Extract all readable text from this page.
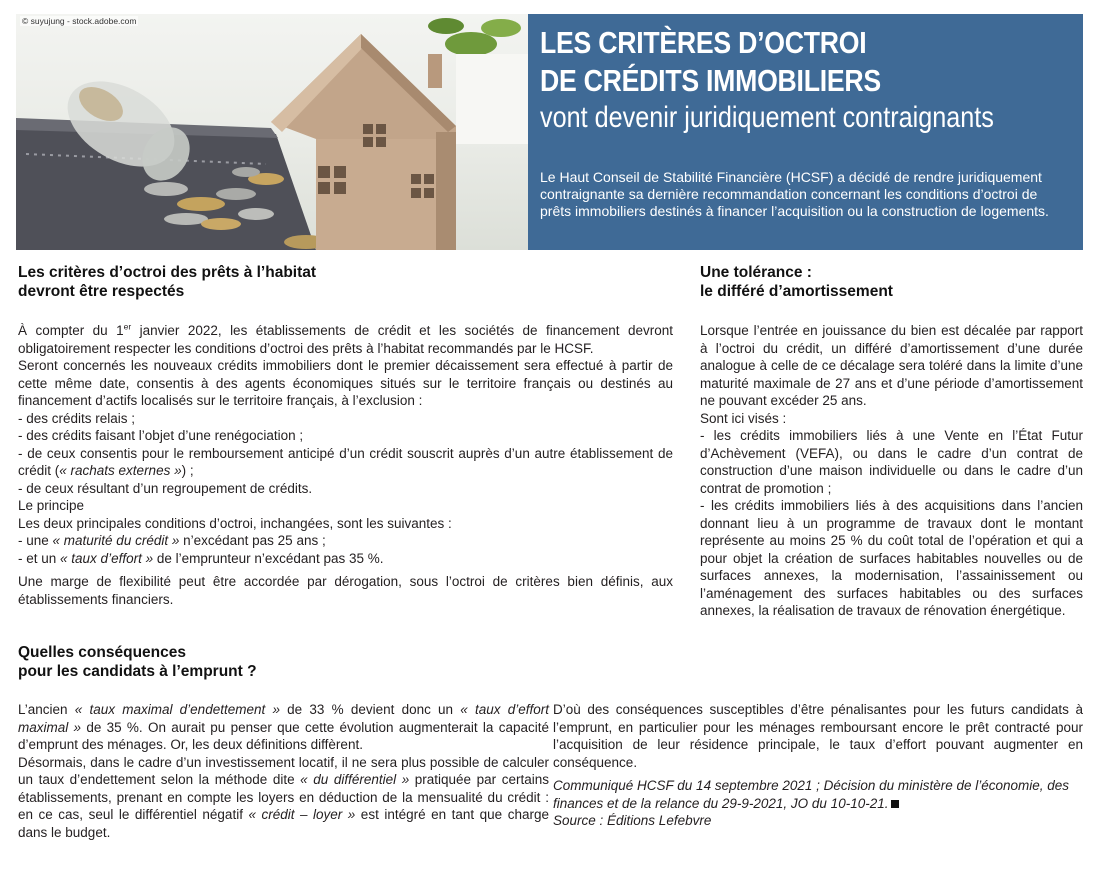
© suyujung - stock.adobe.com
LES CRITÈRES D’OCTROI
DE CRÉDITS IMMOBILIERS
vont devenir juridiquement contraignants
Le Haut Conseil de Stabilité Financière (HCSF) a décidé de rendre juridiquement contraignante sa dernière recommandation concernant les conditions d’octroi de prêts immobiliers destinés à financer l’acquisition ou la construction de logements.
Les critères d’octroi des prêts à l’habitat
devront être respectés

À compter du 1er janvier 2022, les établissements de crédit et les sociétés de financement devront obligatoirement respecter les conditions d’octroi des prêts à l’habitat recommandés par le HCSF.

Seront concernés les nouveaux crédits immobiliers dont le premier décaissement sera effectué à partir de cette même date, consentis à des agents économiques situés sur le territoire français ou destinés au financement d’actifs localisés sur le territoire français, à l’exclusion :

- des crédits relais ;

- des crédits faisant l’objet d’une renégociation ;

- de ceux consentis pour le remboursement anticipé d’un crédit souscrit auprès d’un autre établissement de crédit (« rachats externes ») ;

- de ceux résultant d’un regroupement de crédits.

Le principe

Les deux principales conditions d’octroi, inchangées, sont les suivantes :

- une « maturité du crédit » n’excédant pas 25 ans ;

- et un « taux d’effort » de l’emprunteur n’excédant pas 35 %.

Une marge de flexibilité peut être accordée par dérogation, sous l’octroi de critères bien définis, aux établissements financiers.

Une tolérance :
le différé d’amortissement

Lorsque l’entrée en jouissance du bien est décalée par rapport à l’octroi du crédit, un différé d’amortissement d’une durée analogue à celle de ce décalage sera toléré dans la limite d’une maturité maximale de 27 ans et d’une période d’amortissement ne pouvant excéder 25 ans.

Sont ici visés :

- les crédits immobiliers liés à une Vente en l’État Futur d’Achèvement (VEFA), ou dans le cadre d’un contrat de construction d’une maison individuelle ou dans le cadre d’un contrat de promotion ;

- les crédits immobiliers liés à des acquisitions dans l’ancien donnant lieu à un programme de travaux dont le montant représente au moins 25 % du coût total de l’opération et qui a pour objet la création de surfaces habitables nouvelles ou de surfaces annexes, la modernisation, l’assainissement ou l’aménagement des surfaces habitables ou des surfaces annexes, la réalisation de travaux de rénovation énergétique.

Quelles conséquences
pour les candidats à l’emprunt ?

L’ancien « taux maximal d’endettement » de 33 % devient donc un « taux d’effort maximal » de 35 %. On aurait pu penser que cette évolution augmenterait la capacité d’emprunt des ménages. Or, les deux définitions diffèrent.

Désormais, dans le cadre d’un investissement locatif, il ne sera plus possible de calculer un taux d’endettement selon la méthode dite « du différentiel » pratiquée par certains établissements, prenant en compte les loyers en déduction de la mensualité du crédit : en ce cas, seul le différentiel négatif « crédit – loyer » est intégré en tant que charge dans le budget.

D’où des conséquences susceptibles d’être pénalisantes pour les futurs candidats à l’emprunt, en particulier pour les ménages remboursant encore le prêt contracté pour l’acquisition de leur résidence principale, le taux d’effort pouvant augmenter en conséquence.

Communiqué HCSF du 14 septembre 2021 ; Décision du ministère de l’économie, des finances et de la relance du 29-9-2021, JO du 10-10-21.

Source : Éditions Lefebvre
